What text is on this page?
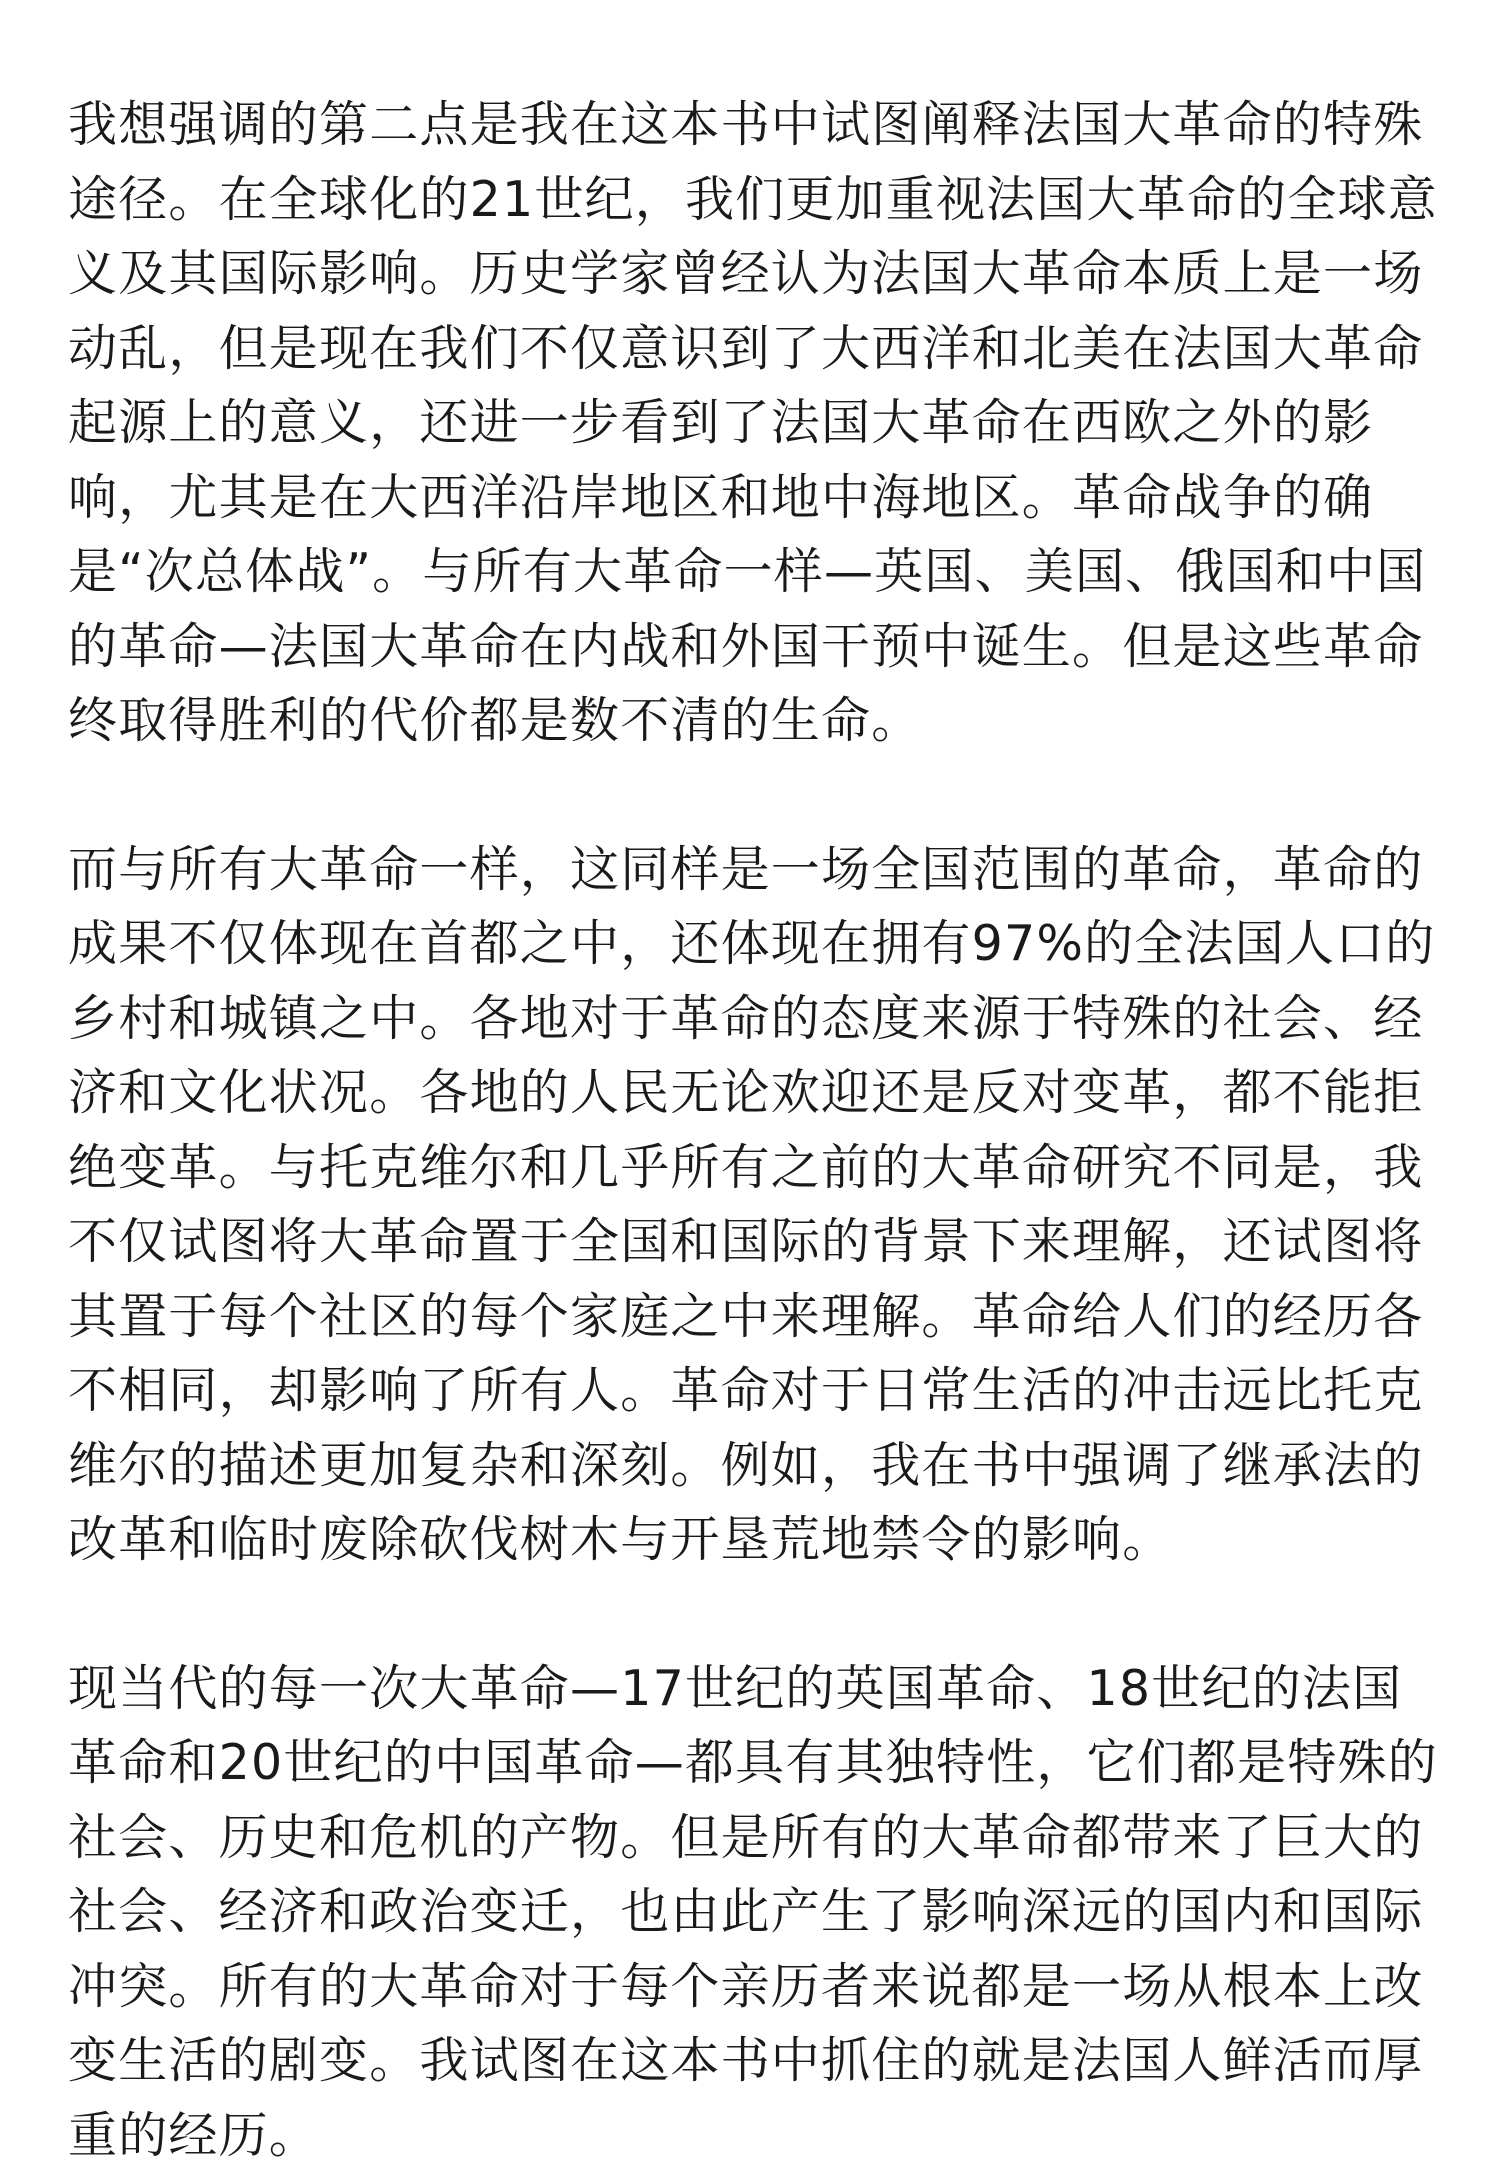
我想强调的第二点是我在这本书中试图阐释法国大革命的特殊途径。在全球化的21世纪，我们更加重视法国大革命的全球意义及其国际影响。历史学家曾经认为法国大革命本质上是一场动乱，但是现在我们不仅意识到了大西洋和北美在法国大革命起源上的意义，还进一步看到了法国大革命在西欧之外的影响，尤其是在大西洋沿岸地区和地中海地区。革命战争的确是“次总体战”。与所有大革命一样—英国、美国、俄国和中国的革命—法国大革命在内战和外国干预中诞生。但是这些革命终取得胜利的代价都是数不清的生命。

而与所有大革命一样，这同样是一场全国范围的革命，革命的成果不仅体现在首都之中，还体现在拥有97%的全法国人口的乡村和城镇之中。各地对于革命的态度来源于特殊的社会、经济和文化状况。各地的人民无论欢迎还是反对变革，都不能拒绝变革。与托克维尔和几乎所有之前的大革命研究不同是，我不仅试图将大革命置于全国和国际的背景下来理解，还试图将其置于每个社区的每个家庭之中来理解。革命给人们的经历各不相同，却影响了所有人。革命对于日常生活的冲击远比托克维尔的描述更加复杂和深刻。例如，我在书中强调了继承法的改革和临时废除砍伐树木与开垦荒地禁令的影响。

现当代的每一次大革命—17世纪的英国革命、18世纪的法国革命和20世纪的中国革命—都具有其独特性，它们都是特殊的社会、历史和危机的产物。但是所有的大革命都带来了巨大的社会、经济和政治变迁，也由此产生了影响深远的国内和国际冲突。所有的大革命对于每个亲历者来说都是一场从根本上改变生活的剧变。我试图在这本书中抓住的就是法国人鲜活而厚重的经历。
